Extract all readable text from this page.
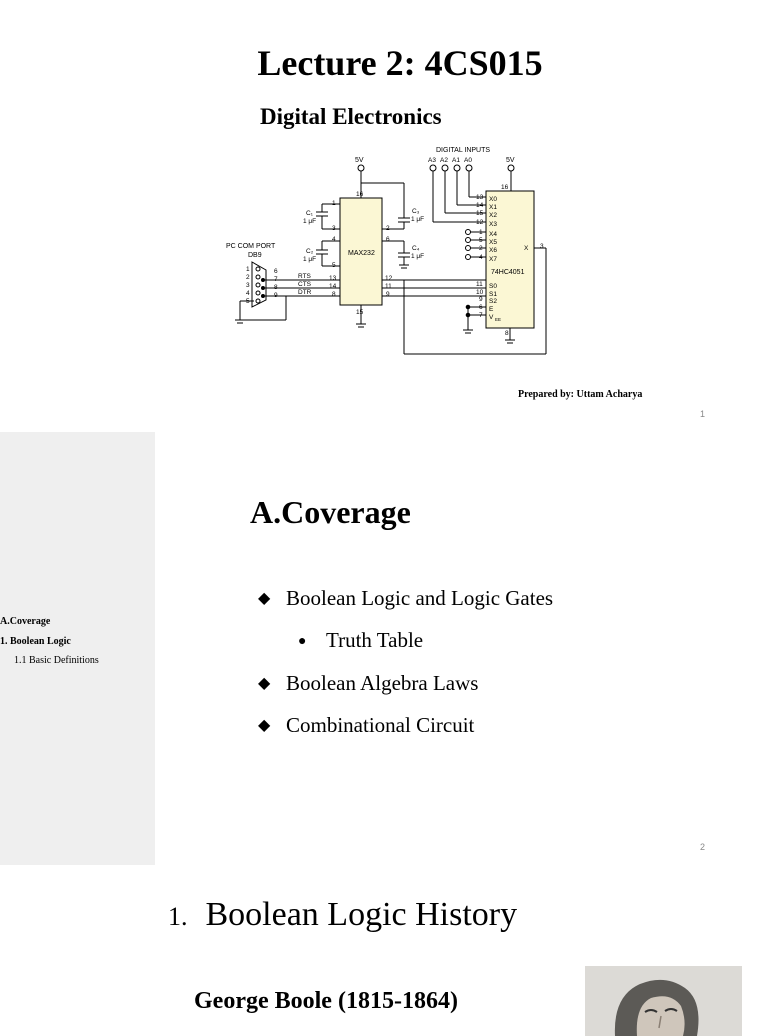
Lecture 2: 4CS015
Digital Electronics
MAX232
16
1
3
4
5
2
6
13
14
8
12
11
9
15
5V
C₁
1 μF
C₂
1 μF
C₃
1 μF
C₄
1 μF
PC COM PORT
DB9
1
2
3
4
5
6
7
8
9
RTS
CTS
DTR
74HC4051
X0
X1
X2
X3
X4
X5
X6
X7
S0
S1
S2
E
V EE
X
13
14
15
12
1
5
2
4
11
10
9
6
7
16
3
8
DIGITAL INPUTS
A3 A2 A1 A0	5V
Prepared by: Uttam Acharya
1
A.Coverage
1. Boolean Logic
1.1 Basic Definitions
A.Coverage
◆ Boolean Logic and Logic Gates
● Truth Table
◆ Boolean Algebra Laws
◆ Combinational Circuit
2
1. Boolean Logic History
George Boole (1815-1864)
